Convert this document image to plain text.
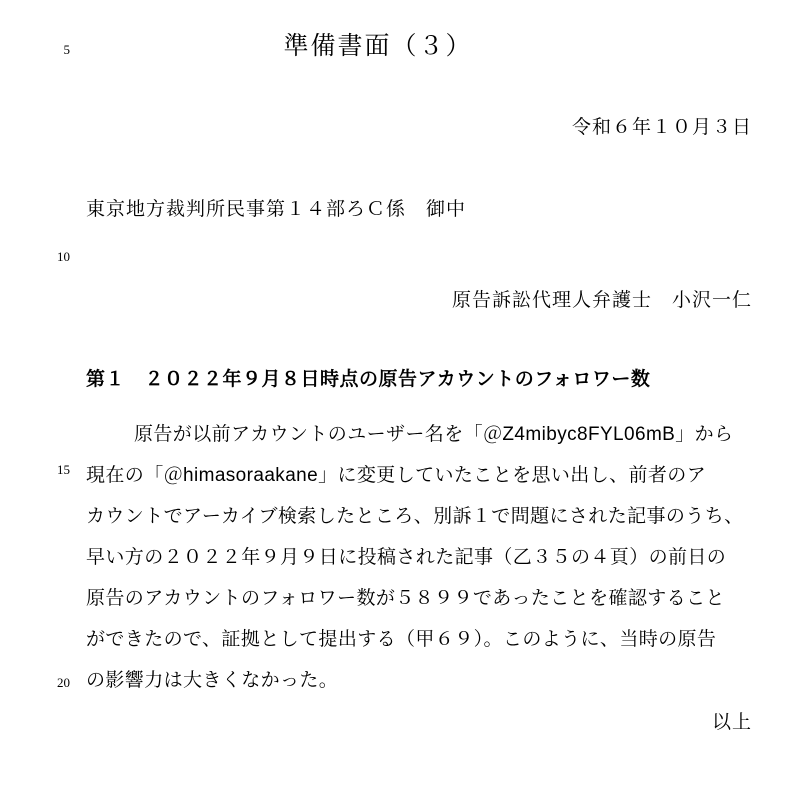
5
10
15
20
準備書面（３）
令和６年１０月３日
東京地方裁判所民事第１４部ろＣ係　御中
原告訴訟代理人弁護士　小沢一仁
第１　２０２２年９月８日時点の原告アカウントのフォロワー数
原告が以前アカウントのユーザー名を「＠Z4mibyc8FYL06mB」から
現在の「＠himasoraakane」に変更していたことを思い出し、前者のア
カウントでアーカイブ検索したところ、別訴１で問題にされた記事のうち、
早い方の２０２２年９月９日に投稿された記事（乙３５の４頁）の前日の
原告のアカウントのフォロワー数が５８９９であったことを確認すること
ができたので、証拠として提出する（甲６９）。このように、当時の原告
の影響力は大きくなかった。
以上
